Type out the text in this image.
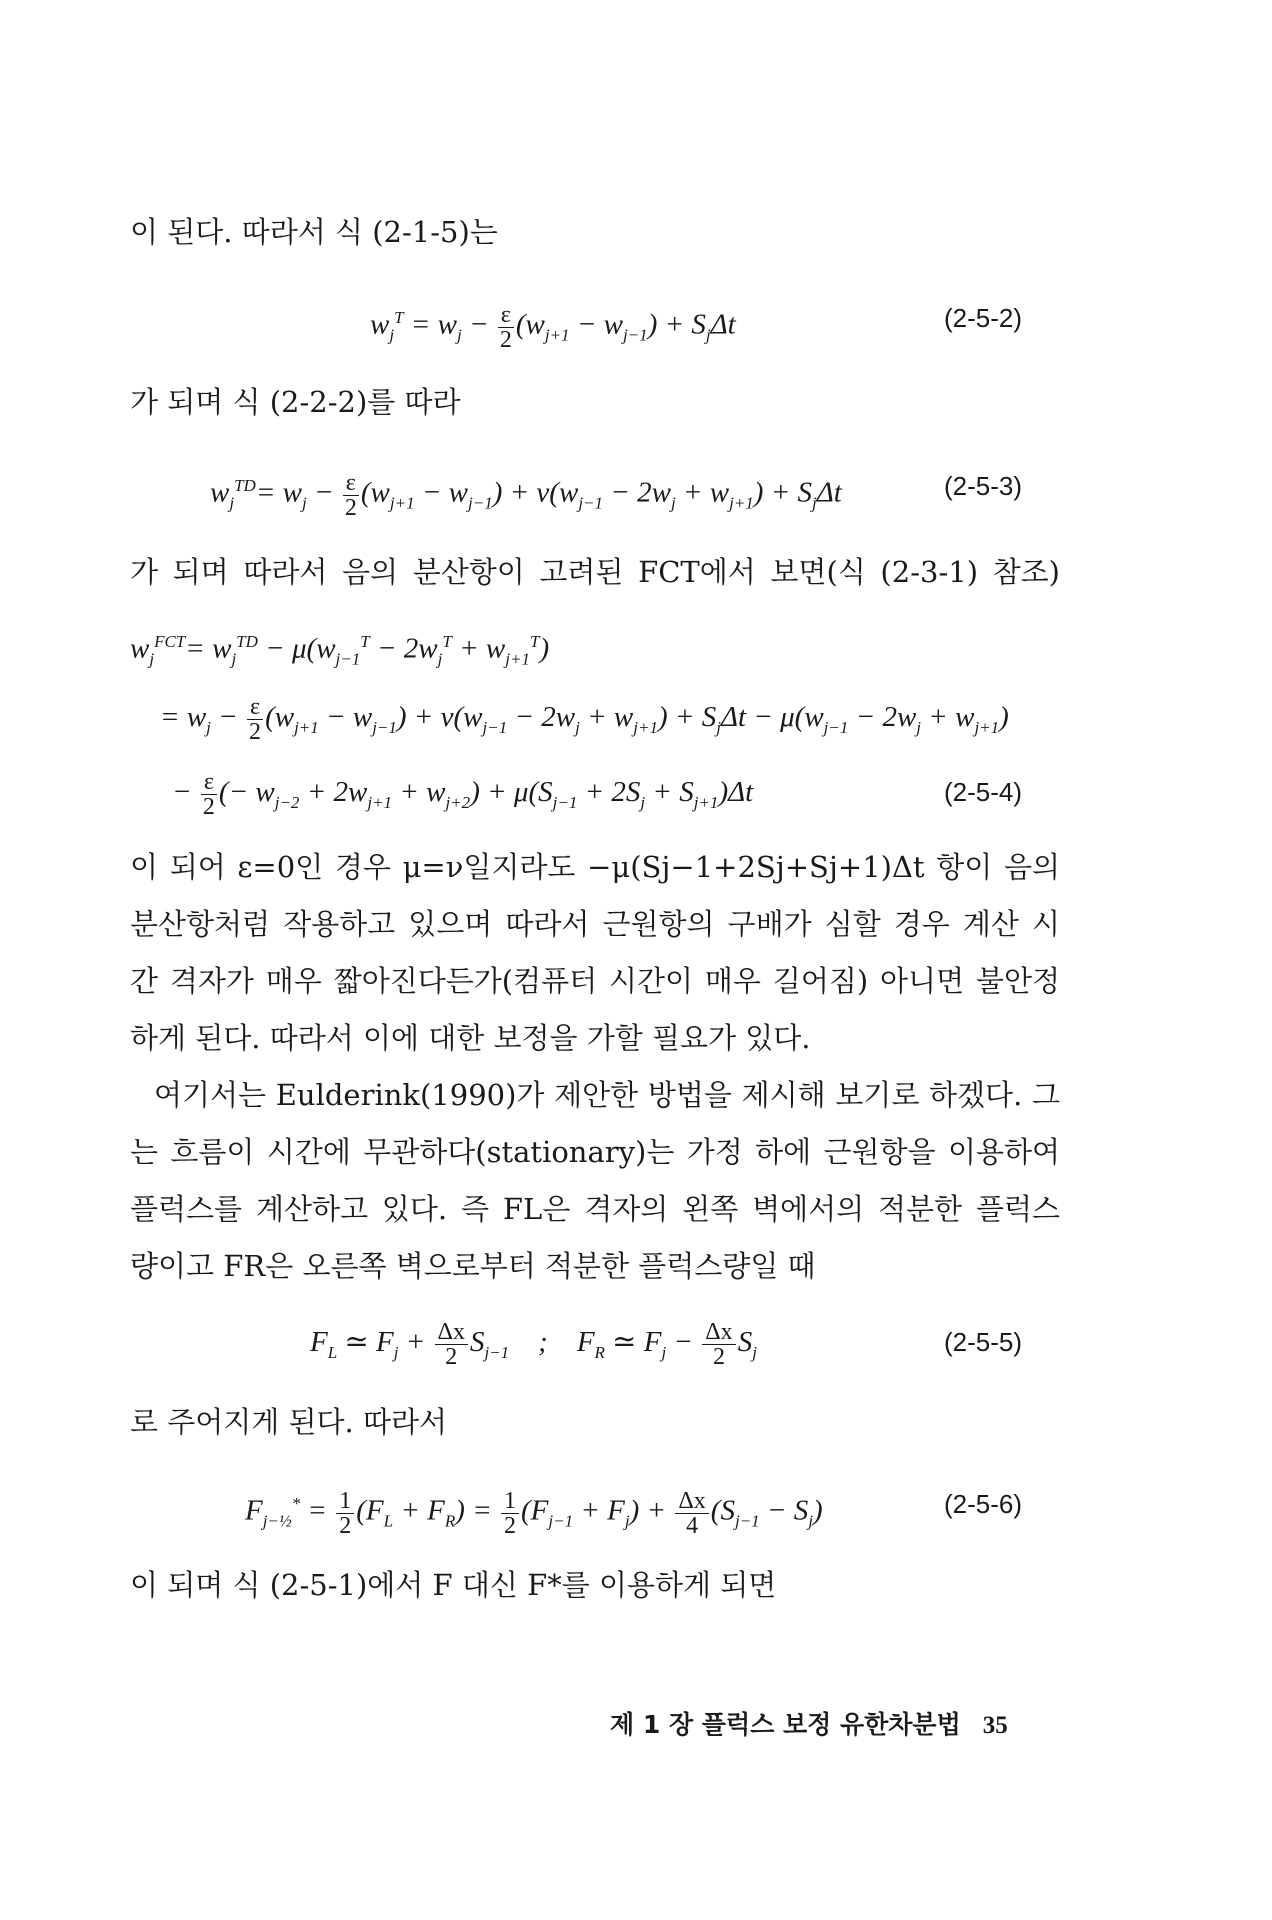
이 된다. 따라서 식 (2-1-5)는
$w_j^T = w_j - \frac{\varepsilon}{2} (w_{j+1} - w_{j-1}) + S_j\Delta t$	(2-5-2)
가 되며 식 (2-2-2)를 따라
$w_j^{TD}= w_j - \frac{\varepsilon}{2} (w_{j+1} - w_{j-1}) + \nu(w_{j-1} - 2w_j + w_{j+1}) + S_j\Delta t$	(2-5-3)
가 되며 따라서 음의 분산항이 고려된 FCT에서 보면(식 (2-3-1) 참조)
$w_j^{FCT}= w_j^{TD} - \mu(w_{j-1}^T - 2w_j^T + w_{j+1}^T)$
= $w_j - \frac{\varepsilon}{2} (w_{j+1} - w_{j-1}) + \nu(w_{j-1} - 2w_j + w_{j+1}) + S_j\Delta t - \mu(w_{j-1} - 2w_j + w_{j+1})$
− $\frac{\varepsilon}{2}$ (− $w_{j-2} + 2w_{j+1} + w_{j+2}) + \mu(S_{j-1} + 2S_j + S_{j+1})\Delta t$	(2-5-4)
이 되어 ε=0인 경우 μ=ν일지라도 −μ(Sj−1+2Sj+Sj+1)Δt 항이 음의
분산항처럼 작용하고 있으며 따라서 근원항의 구배가 심할 경우 계산 시
간 격자가 매우 짧아진다든가(컴퓨터 시간이 매우 길어짐) 아니면 불안정
하게 된다. 따라서 이에 대한 보정을 가할 필요가 있다.
여기서는 Eulderink(1990)가 제안한 방법을 제시해 보기로 하겠다. 그
는 흐름이 시간에 무관하다(stationary)는 가정 하에 근원항을 이용하여
플럭스를 계산하고 있다. 즉 FL은 격자의 왼쪽 벽에서의 적분한 플럭스
량이고 FR은 오른쪽 벽으로부터 적분한 플럭스량일 때
$F_L$ ≃ $F_j + \frac{\Delta x}{2} S_{j-1}$    ;    $F_R$ ≃ $F_j - \frac{\Delta x}{2} S_j$	(2-5-5)
로 주어지게 된다. 따라서
$F_{j-\frac{1}{2}}^* = \frac{1}{2} (F_L + F_R) = \frac{1}{2} (F_{j-1} + F_j) + \frac{\Delta x}{4} (S_{j-1} - S_j)$	(2-5-6)
이 되며 식 (2-5-1)에서 F 대신 F*를 이용하게 되면
제 1 장 플럭스 보정 유한차분법 35
